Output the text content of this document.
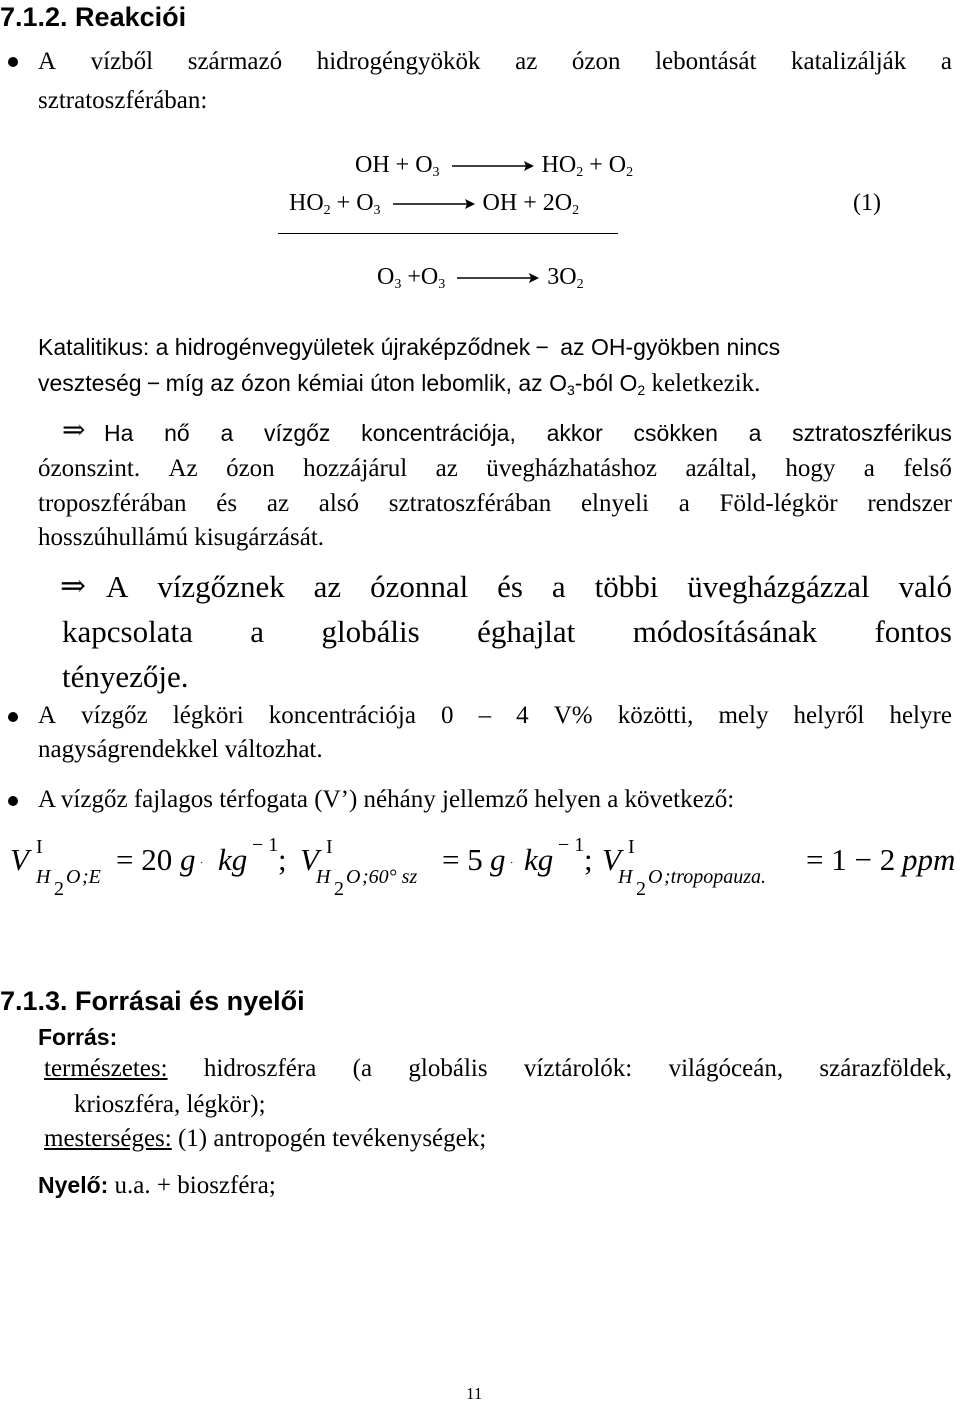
7.1.2. Reakciói
A vízből származó hidrogéngyökök az ózon lebontását katalizálják a
sztratoszférában:
OH + $O_3 \to HO_2 + O_2$
$HO_2 + O_3$ → OH + $2O_2$	(1)
$O_3 +O_3 \to 3O_2$
Katalitikus: a hidrogénvegyületek újraképződnek − az OH-gyökben nincs
veszteség − míg az ózon kémiai úton lebomlik, az $O_3$-ból $O_2$ keletkezik.
⇒ Ha nő a vízgőz koncentrációja, akkor csökken a sztratoszférikus
ózonszint. Az ózon hozzájárul az üvegházhatáshoz azáltal, hogy a felső
troposzférában és az alsó sztratoszférában elnyeli a Föld-légkör rendszer
hosszúhullámú kisugárzását.
⇒ A vízgőznek az ózonnal és a többi üvegházgázzal való
kapcsolata a globális éghajlat módosításának fontos
tényezője.
A vízgőz légköri koncentrációja 0 – 4 V% közötti, mely helyről helyre
nagyságrendekkel változhat.
A vízgőz fajlagos térfogata (V’) néhány jellemző helyen a következő:
V I
H
2
O ;E = 20 g ⋅ kg − 1 ; V I
H
2
O ;60° sz = 5 g ⋅ kg − 1 ; V I
H
2
O ;tropopauza. = 1 − 2 ppm
7.1.3. Forrásai és nyelői
Forrás:
természetes: hidroszféra (a globális víztárolók: világóceán, szárazföldek,
krioszféra, légkör);
mesterséges: (1) antropogén tevékenységek;
Nyelő: u.a. + bioszféra;
11
